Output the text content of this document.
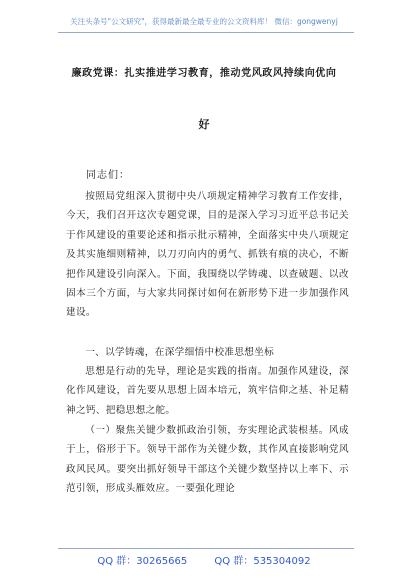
关注头条号"公文研究"，获得最新最全最专业的公文资料库！ 微信：gongwenyj
廉政党课：扎实推进学习教育，推动党风政风持续向优向
好
同志们：
按照局党组深入贯彻中央八项规定精神学习教育工作安排，今天，我们召开这次专题党课，目的是深入学习习近平总书记关于作风建设的重要论述和指示批示精神，全面落实中央八项规定及其实施细则精神，以刀刃向内的勇气、抓铁有痕的决心，不断把作风建设引向深入。下面，我围绕以学铸魂、以查破题、以改固本三个方面，与大家共同探讨如何在新形势下进一步加强作风建设。
一、以学铸魂，在深学细悟中校准思想坐标
思想是行动的先导，理论是实践的指南。加强作风建设，深化作风建设，首先要从思想上固本培元，筑牢信仰之基、补足精神之钙、把稳思想之舵。
（一）聚焦关键少数抓政治引领，夯实理论武装根基。风成于上，俗形于下。领导干部作为关键少数，其作风直接影响党风政风民风。要突出抓好领导干部这个关键少数坚持以上率下、示范引领，形成头雁效应。一要强化理论
QQ 群：30265665	QQ 群：535304092
